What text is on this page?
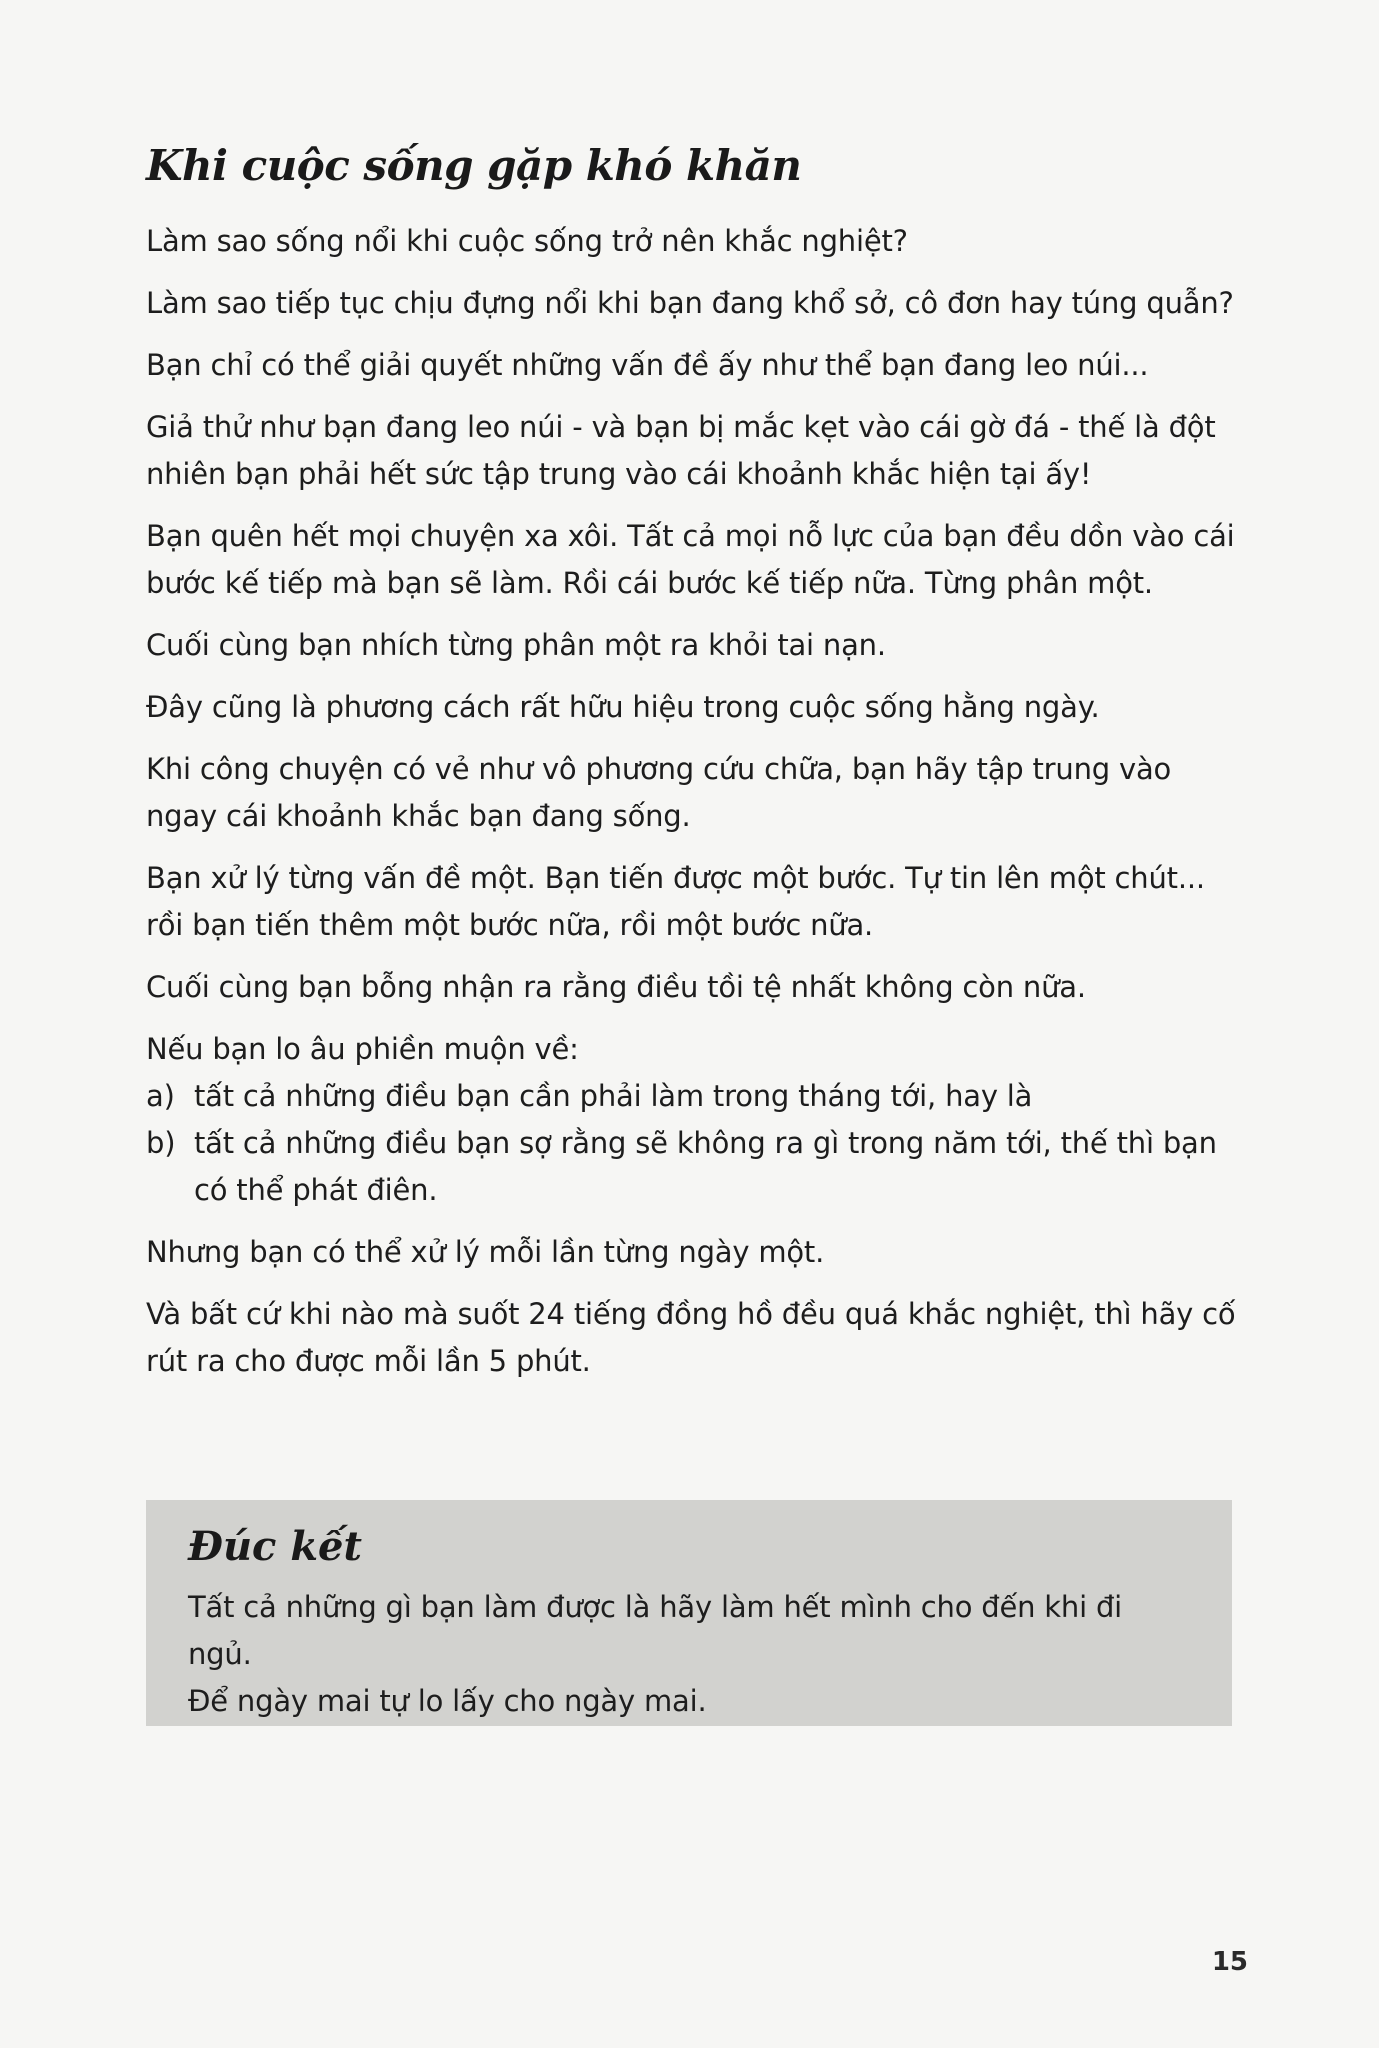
Khi cuộc sống gặp khó khăn

Làm sao sống nổi khi cuộc sống trở nên khắc nghiệt?

Làm sao tiếp tục chịu đựng nổi khi bạn đang khổ sở, cô đơn hay túng quẫn?

Bạn chỉ có thể giải quyết những vấn đề ấy như thể bạn đang leo núi...

Giả thử như bạn đang leo núi - và bạn bị mắc kẹt vào cái gờ đá - thế là đột nhiên bạn phải hết sức tập trung vào cái khoảnh khắc hiện tại ấy!

Bạn quên hết mọi chuyện xa xôi. Tất cả mọi nỗ lực của bạn đều dồn vào cái bước kế tiếp mà bạn sẽ làm. Rồi cái bước kế tiếp nữa. Từng phân một.

Cuối cùng bạn nhích từng phân một ra khỏi tai nạn.

Đây cũng là phương cách rất hữu hiệu trong cuộc sống hằng ngày.

Khi công chuyện có vẻ như vô phương cứu chữa, bạn hãy tập trung vào ngay cái khoảnh khắc bạn đang sống.

Bạn xử lý từng vấn đề một. Bạn tiến được một bước. Tự tin lên một chút... rồi bạn tiến thêm một bước nữa, rồi một bước nữa.

Cuối cùng bạn bỗng nhận ra rằng điều tồi tệ nhất không còn nữa.

Nếu bạn lo âu phiền muộn về:

a) tất cả những điều bạn cần phải làm trong tháng tới, hay là
b) tất cả những điều bạn sợ rằng sẽ không ra gì trong năm tới, thế thì bạn có thể phát điên.

Nhưng bạn có thể xử lý mỗi lần từng ngày một.

Và bất cứ khi nào mà suốt 24 tiếng đồng hồ đều quá khắc nghiệt, thì hãy cố rút ra cho được mỗi lần 5 phút.

Đúc kết

Tất cả những gì bạn làm được là hãy làm hết mình cho đến khi đi ngủ.

Để ngày mai tự lo lấy cho ngày mai.

15
